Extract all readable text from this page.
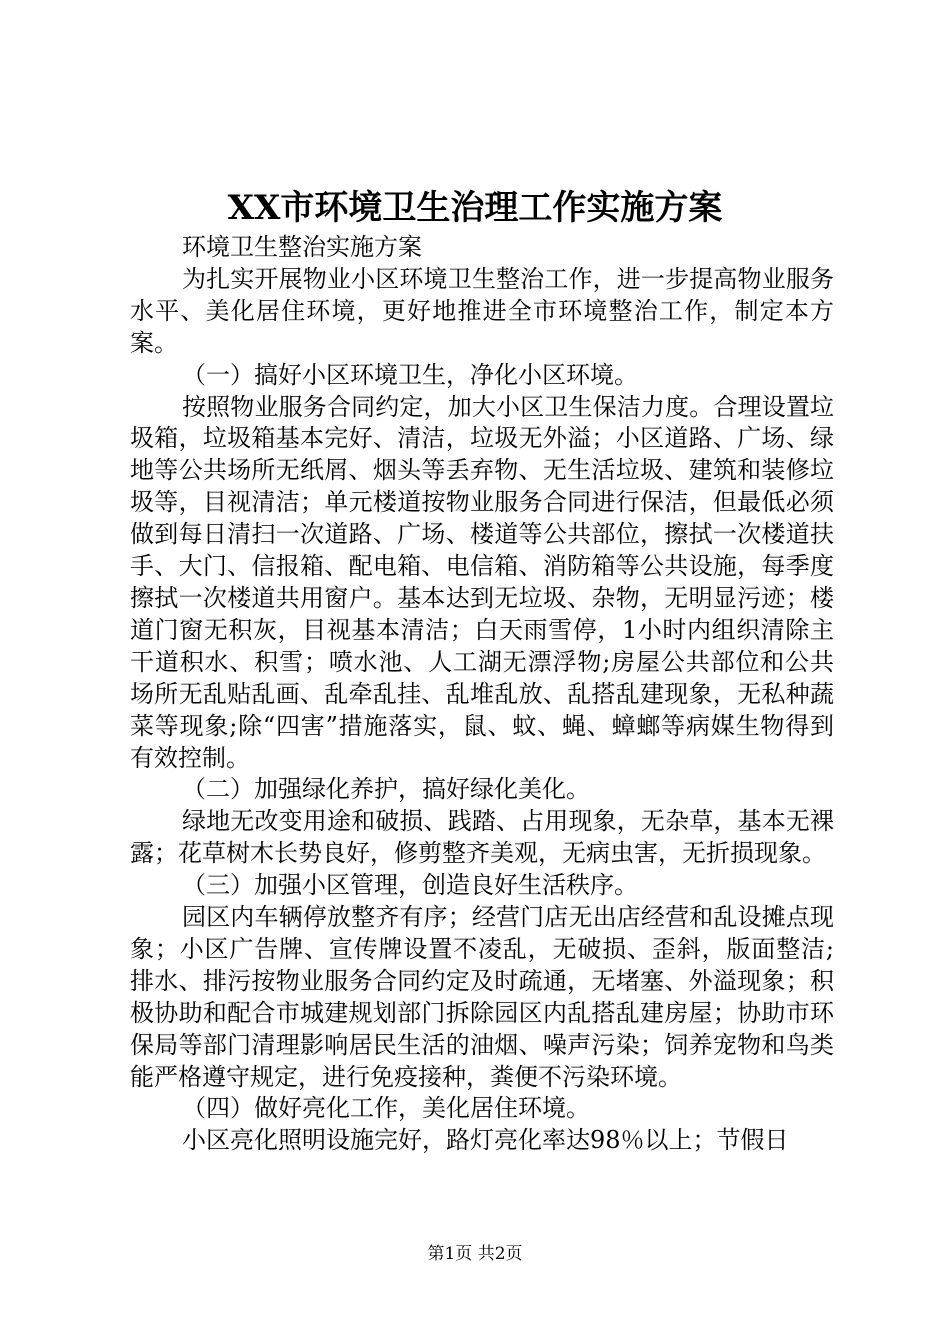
XX市环境卫生治理工作实施方案

环境卫生整治实施方案

为扎实开展物业小区环境卫生整治工作，进一步提高物业服务水平、美化居住环境，更好地推进全市环境整治工作，制定本方案。

（一）搞好小区环境卫生，净化小区环境。

按照物业服务合同约定，加大小区卫生保洁力度。合理设置垃圾箱，垃圾箱基本完好、清洁，垃圾无外溢；小区道路、广场、绿地等公共场所无纸屑、烟头等丢弃物、无生活垃圾、建筑和装修垃圾等，目视清洁；单元楼道按物业服务合同进行保洁，但最低必须做到每日清扫一次道路、广场、楼道等公共部位，擦拭一次楼道扶手、大门、信报箱、配电箱、电信箱、消防箱等公共设施，每季度擦拭一次楼道共用窗户。基本达到无垃圾、杂物，无明显污迹；楼道门窗无积灰，目视基本清洁；白天雨雪停，1小时内组织清除主干道积水、积雪；喷水池、人工湖无漂浮物;房屋公共部位和公共场所无乱贴乱画、乱牵乱挂、乱堆乱放、乱搭乱建现象，无私种蔬菜等现象;除“四害”措施落实，鼠、蚊、蝇、蟑螂等病媒生物得到有效控制。

（二）加强绿化养护，搞好绿化美化。

绿地无改变用途和破损、践踏、占用现象，无杂草，基本无裸露；花草树木长势良好，修剪整齐美观，无病虫害，无折损现象。

（三）加强小区管理，创造良好生活秩序。

园区内车辆停放整齐有序；经营门店无出店经营和乱设摊点现象；小区广告牌、宣传牌设置不凌乱，无破损、歪斜，版面整洁;排水、排污按物业服务合同约定及时疏通，无堵塞、外溢现象；积极协助和配合市城建规划部门拆除园区内乱搭乱建房屋；协助市环保局等部门清理影响居民生活的油烟、噪声污染；饲养宠物和鸟类能严格遵守规定，进行免疫接种，粪便不污染环境。

（四）做好亮化工作，美化居住环境。

小区亮化照明设施完好，路灯亮化率达98％以上；节假日

第1页 共2页
